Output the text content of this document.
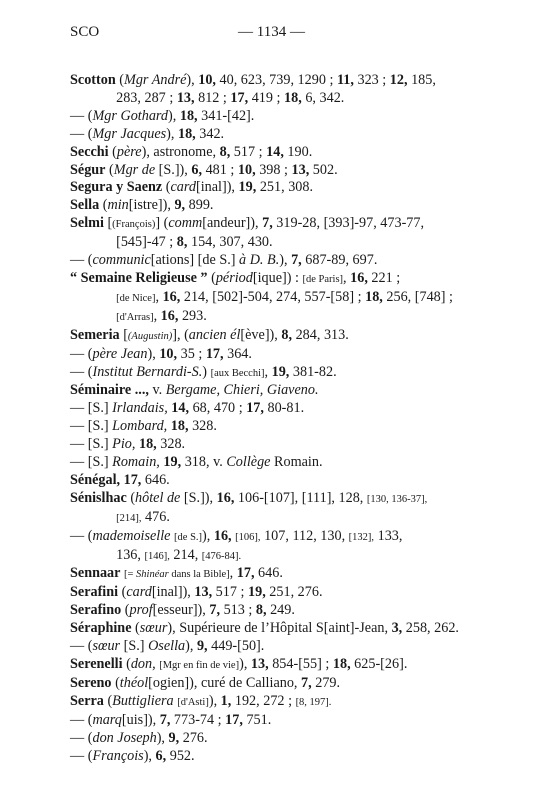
SCO	— 1134 —
Scotton (Mgr André), 10, 40, 623, 739, 1290 ; 11, 323 ; 12, 185,
283, 287 ; 13, 812 ; 17, 419 ; 18, 6, 342.
— (Mgr Gothard), 18, 341-[42].
— (Mgr Jacques), 18, 342.
Secchi (père), astronome, 8, 517 ; 14, 190.
Ségur (Mgr de [S.]), 6, 481 ; 10, 398 ; 13, 502.
Segura y Saenz (card[inal]), 19, 251, 308.
Sella (min[istre]), 9, 899.
Selmi [(François)] (comm[andeur]), 7, 319-28, [393]-97, 473-77,
[545]-47 ; 8, 154, 307, 430.
— (communic[ations] [de S.] à D. B.), 7, 687-89, 697.
“ Semaine Religieuse ” (périod[ique]) : [de Paris], 16, 221 ;
[de Nice], 16, 214, [502]-504, 274, 557-[58] ; 18, 256, [748] ;
[d'Arras], 16, 293.
Semeria [(Augustin)], (ancien él[ève]), 8, 284, 313.
— (père Jean), 10, 35 ; 17, 364.
— (Institut Bernardi-S.) [aux Becchi], 19, 381-82.
Séminaire ..., v. Bergame, Chieri, Giaveno.
— [S.] Irlandais, 14, 68, 470 ; 17, 80-81.
— [S.] Lombard, 18, 328.
— [S.] Pio, 18, 328.
— [S.] Romain, 19, 318, v. Collège Romain.
Sénégal, 17, 646.
Sénislhac (hôtel de [S.]), 16, 106-[107], [111], 128, [130, 136-37],
[214], 476.
— (mademoiselle [de S.]), 16, [106], 107, 112, 130, [132], 133,
136, [146], 214, [476-84].
Sennaar [= Shinéar dans la Bible], 17, 646.
Serafini (card[inal]), 13, 517 ; 19, 251, 276.
Serafino (prof[esseur]), 7, 513 ; 8, 249.
Séraphine (sœur), Supérieure de l’Hôpital S[aint]-Jean, 3, 258, 262.
— (sœur [S.] Osella), 9, 449-[50].
Serenelli (don, [Mgr en fin de vie]), 13, 854-[55] ; 18, 625-[26].
Sereno (théol[ogien]), curé de Calliano, 7, 279.
Serra (Buttigliera [d'Asti]), 1, 192, 272 ; [8, 197].
— (marq[uis]), 7, 773-74 ; 17, 751.
— (don Joseph), 9, 276.
— (François), 6, 952.
